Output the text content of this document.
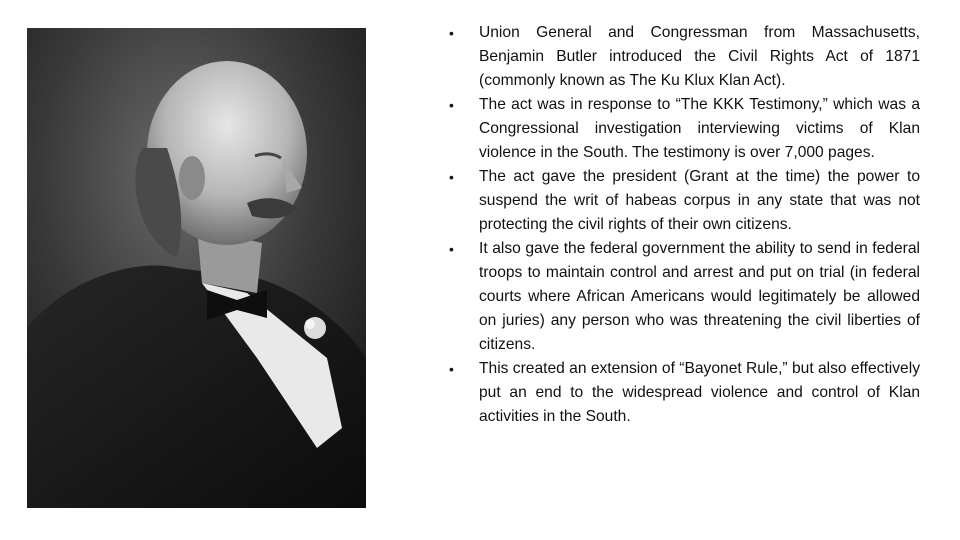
• Union General and Congressman from Massachusetts, Benjamin Butler introduced the Civil Rights Act of 1871 (commonly known as The Ku Klux Klan Act).
• The act was in response to “The KKK Testimony,” which was a Congressional investigation interviewing victims of Klan violence in the South. The testimony is over 7,000 pages.
• The act gave the president (Grant at the time) the power to suspend the writ of habeas corpus in any state that was not protecting the civil rights of their own citizens.
• It also gave the federal government the ability to send in federal troops to maintain control and arrest and put on trial (in federal courts where African Americans would legitimately be allowed on juries) any person who was threatening the civil liberties of citizens.
• This created an extension of “Bayonet Rule,” but also effectively put an end to the widespread violence and control of Klan activities in the South.
